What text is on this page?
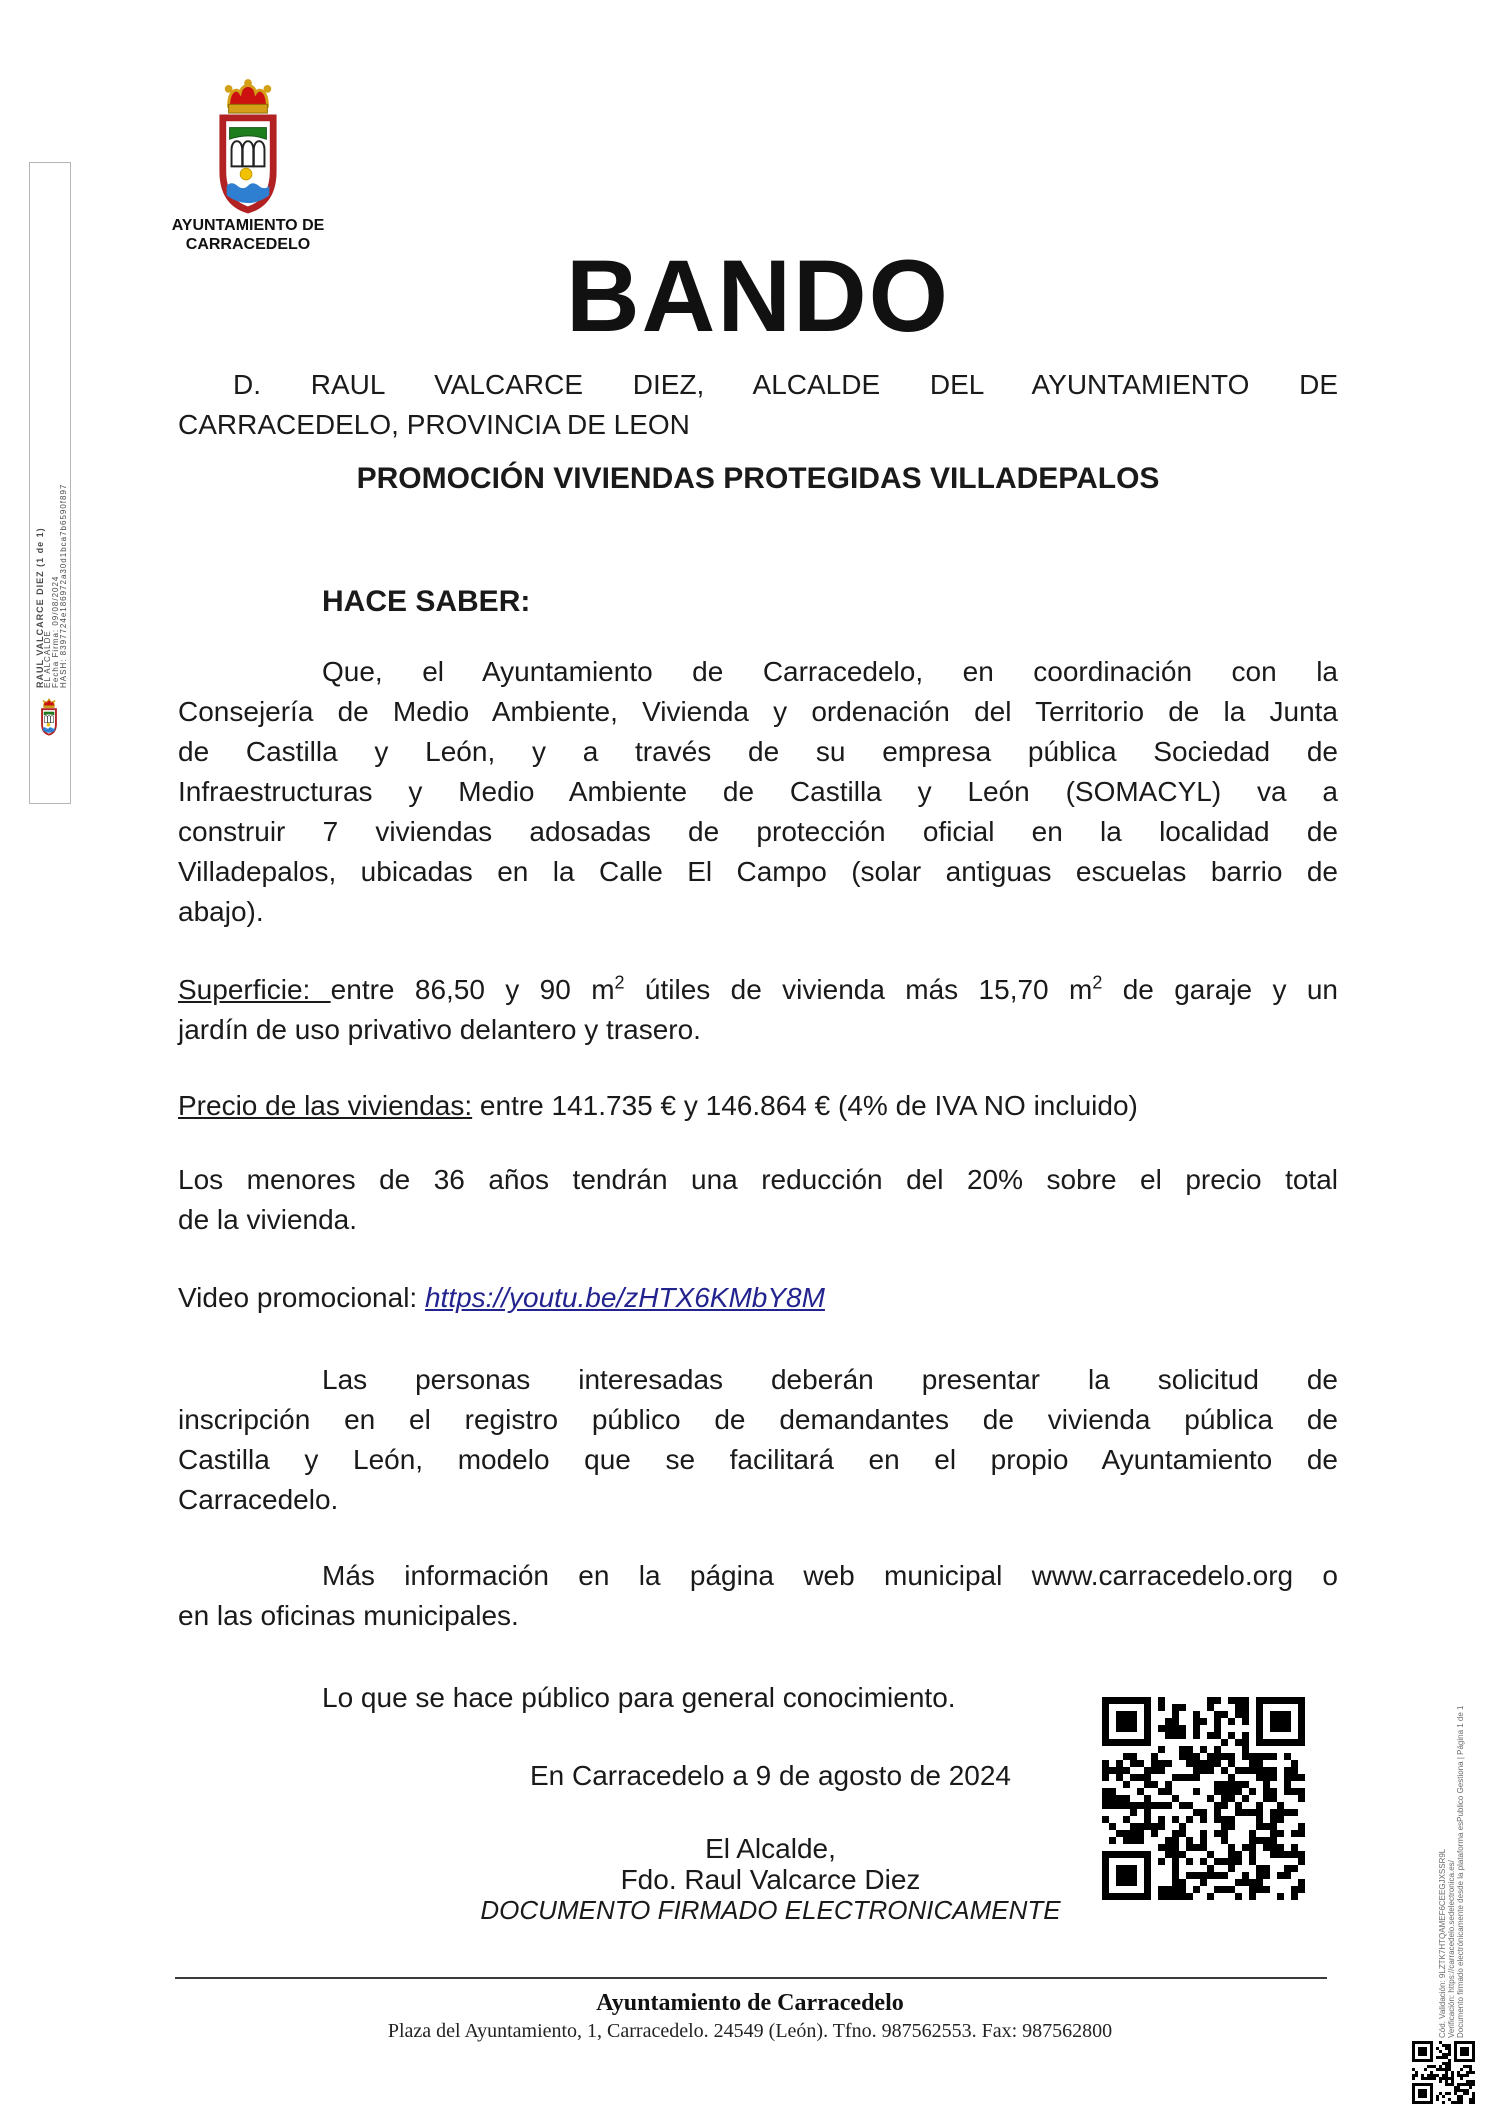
RAUL VALCARCE DIEZ (1 de 1)
EL ALCALDE Fecha Firma: 09/08/2024 HASH: 8397724e186972a30d1bca7b6590f897
AYUNTAMIENTO DE
CARRACEDELO	BANDO
D. RAUL VALCARCE DIEZ, ALCALDE DEL AYUNTAMIENTO DE
CARRACEDELO, PROVINCIA DE LEON
PROMOCIÓN VIVIENDAS PROTEGIDAS VILLADEPALOS
HACE SABER:
Que, el Ayuntamiento de Carracedelo, en coordinación con la
Consejería de Medio Ambiente, Vivienda y ordenación del Territorio de la Junta
de Castilla y León, y a través de su empresa pública Sociedad de
Infraestructuras y Medio Ambiente de Castilla y León (SOMACYL) va a
construir 7 viviendas adosadas de protección oficial en la localidad de
Villadepalos, ubicadas en la Calle El Campo (solar antiguas escuelas barrio de
abajo).
Superficie: entre 86,50 y 90 $m^2$ útiles de vivienda más 15,70 $m^2$ de garaje y un
jardín de uso privativo delantero y trasero.
Precio de las viviendas: entre 141.735 € y 146.864 € (4% de IVA NO incluido)
Los menores de 36 años tendrán una reducción del 20% sobre el precio total
de la vivienda.
Video promocional: https://youtu.be/zHTX6KMbY8M
Las personas interesadas deberán presentar la solicitud de
inscripción en el registro público de demandantes de vivienda pública de
Castilla y León, modelo que se facilitará en el propio Ayuntamiento de
Carracedelo.
Más información en la página web municipal www.carracedelo.org o
en las oficinas municipales.
Lo que se hace público para general conocimiento.
En Carracedelo a 9 de agosto de 2024
El Alcalde,
Fdo. Raul Valcarce Diez
DOCUMENTO FIRMADO ELECTRONICAMENTE
Ayuntamiento de Carracedelo
Plaza del Ayuntamiento, 1, Carracedelo. 24549 (León). Tfno. 987562553. Fax: 987562800	Cód. Validación: 9LZTK7HTQAMEF6CEEGJXSSR9L Verificación: https://carracedelo.sedelectronica.es/ Documento firmado electrónicamente desde la plataforma esPublico Gestiona | Página 1 de 1
